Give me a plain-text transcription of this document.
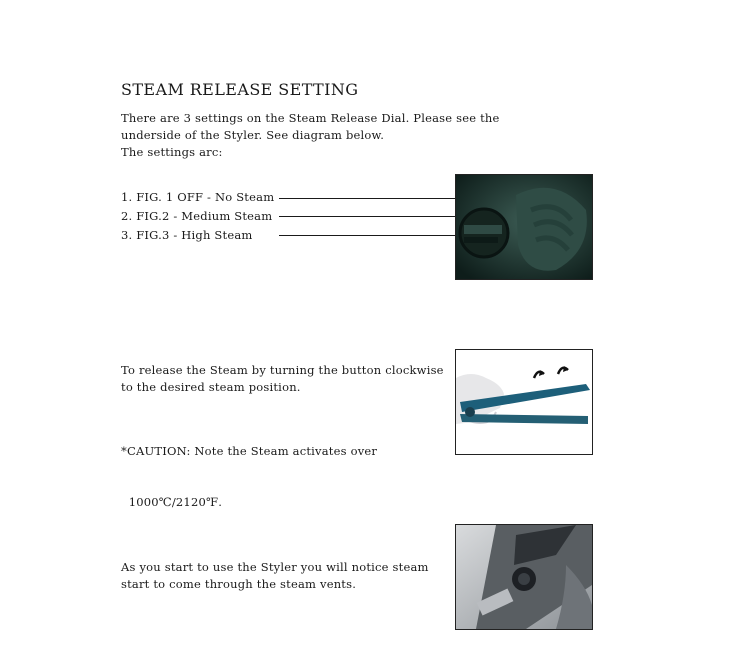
STEAM RELEASE SETTING
There are 3 settings on the Steam Release Dial. Please see the
underside of the Styler. See diagram below.
The settings arc:
1. FIG. 1 OFF - No Steam
2. FIG.2 - Medium Steam
3. FIG.3 - High Steam
To release the Steam by turning the button clockwise
to the desired steam position.

*CAUTION: Note the Steam activates over

1000℃/2120℉.

As you start to use the Styler you will notice steam
start to come through the steam vents.
